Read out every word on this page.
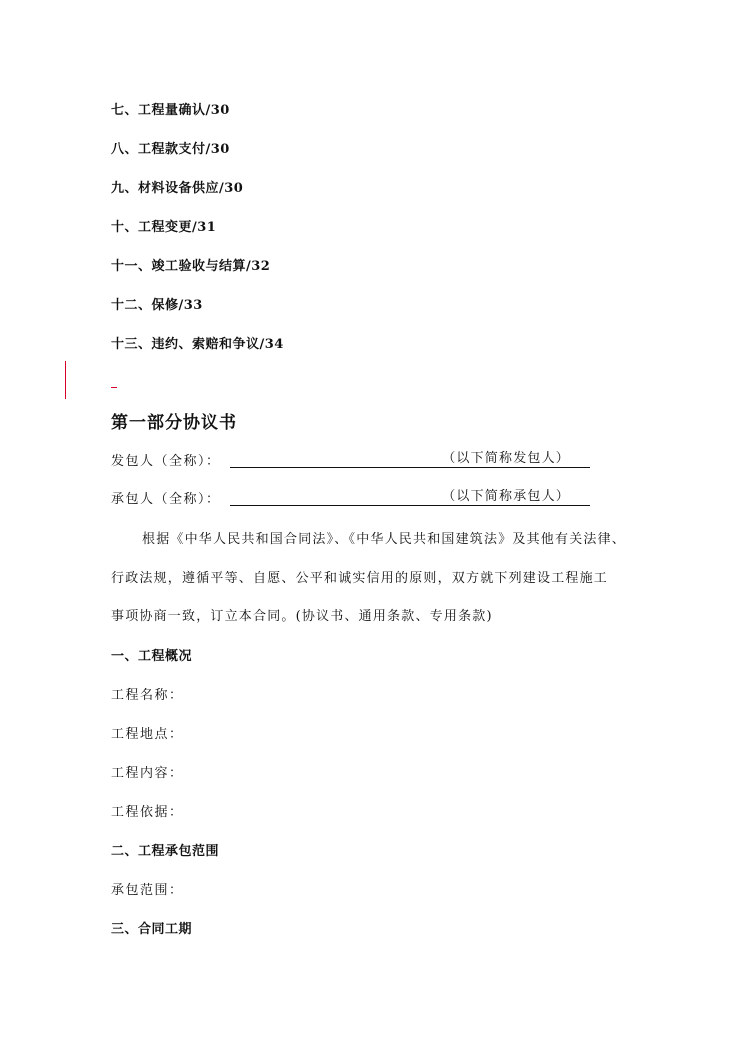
七、工程量确认/30
八、工程款支付/30
九、材料设备供应/30
十、工程变更/31
十一、竣工验收与结算/32
十二、保修/33
十三、违约、索赔和争议/34
第一部分协议书
发包人（全称）：	（以下简称发包人）
承包人（全称）：	（以下简称承包人）
根据《中华人民共和国合同法》、《中华人民共和国建筑法》及其他有关法律、
行政法规，遵循平等、自愿、公平和诚实信用的原则，双方就下列建设工程施工
事项协商一致，订立本合同。(协议书、通用条款、专用条款)
一、工程概况
工程名称：
工程地点：
工程内容：
工程依据：
二、工程承包范围
承包范围：
三、合同工期
